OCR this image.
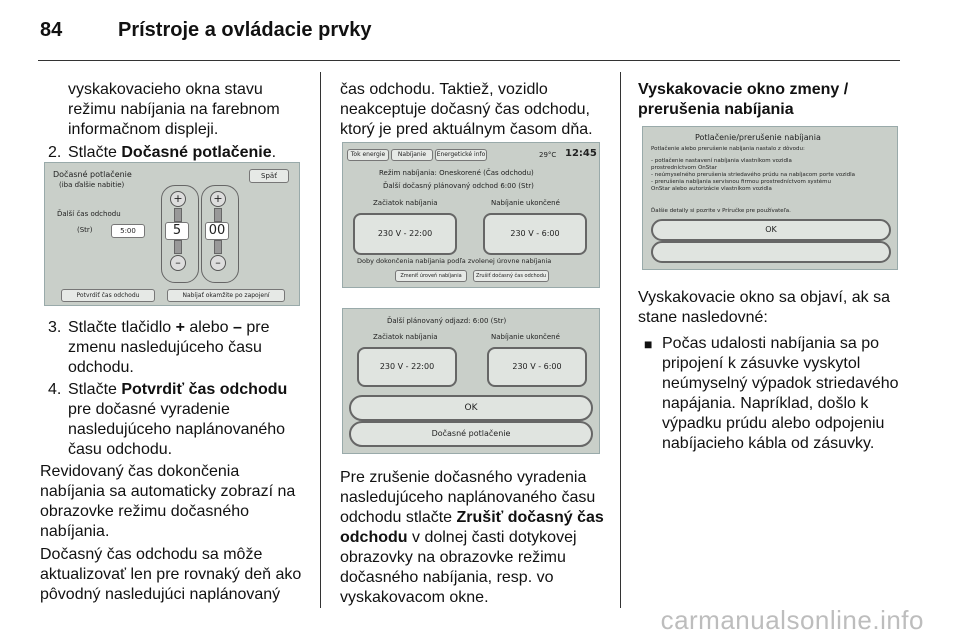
84	Prístroje a ovládacie prvky

vyskakovacieho okna stavu režimu nabíjania na farebnom informačnom displeji.

2. Stlačte Dočasné potlačenie.

Dočasné potlačenie
(iba ďalšie nabitie)
Späť
Ďalší čas odchodu
(Str)	5:00
+	+
5	00
–	–
Potvrdiť čas odchodu	Nabíjať okamžite po zapojení

3. Stlačte tlačidlo + alebo – pre zmenu nasledujúceho času odchodu.

4. Stlačte Potvrdiť čas odchodu pre dočasné vyradenie nasledujúceho naplánovaného času odchodu.

Revidovaný čas dokončenia nabíjania sa automaticky zobrazí na obrazovke režimu dočasného nabíjania.

Dočasný čas odchodu sa môže aktualizovať len pre rovnaký deň ako pôvodný nasledujúci naplánovaný

čas odchodu. Taktiež, vozidlo neakceptuje dočasný čas odchodu, ktorý je pred aktuálnym časom dňa.

Tok energie	Nabíjanie	Energetické info	29°C 12:45
Režim nabíjania: Oneskorené (Čas odchodu)
Ďalší dočasný plánovaný odchod 6:00 (Str)
Začiatok nabíjania	Nabíjanie ukončené
230 V - 22:00	230 V - 6:00
Doby dokončenia nabíjania podľa zvolenej úrovne nabíjania
Zmeniť úroveň nabíjania	Zrušiť dočasný čas odchodu
Ďalší plánovaný odjazd: 6:00 (Str)
Začiatok nabíjania	Nabíjanie ukončené
230 V - 22:00	230 V - 6:00
OK
Dočasné potlačenie

Pre zrušenie dočasného vyradenia nasledujúceho naplánovaného času odchodu stlačte Zrušiť dočasný čas odchodu v dolnej časti dotykovej obrazovky na obrazovke režimu dočasného nabíjania, resp. vo vyskakovacom okne.

Vyskakovacie okno zmeny / prerušenia nabíjania

Potlačenie/prerušenie nabíjania
Potlačenie alebo prerušenie nabíjania nastalo z dôvodu:
- potlačenie nastavení nabíjania vlastníkom vozidla
prostredníctvom OnStar
- neúmyselného prerušenia striedavého prúdu na nabíjacom porte vozidla
- prerušenia nabíjania servisnou firmou prostredníctvom systému
OnStar alebo autorizácie vlastníkom vozidla
Ďalšie detaily si pozrite v Príručke pre používateľa.
OK

Vyskakovacie okno sa objaví, ak sa stane nasledovné:

■ Počas udalosti nabíjania sa po pripojení k zásuvke vyskytol neúmyselný výpadok striedavého napájania. Napríklad, došlo k výpadku prúdu alebo odpojeniu nabíjacieho kábla od zásuvky.

carmanualsonline.info
